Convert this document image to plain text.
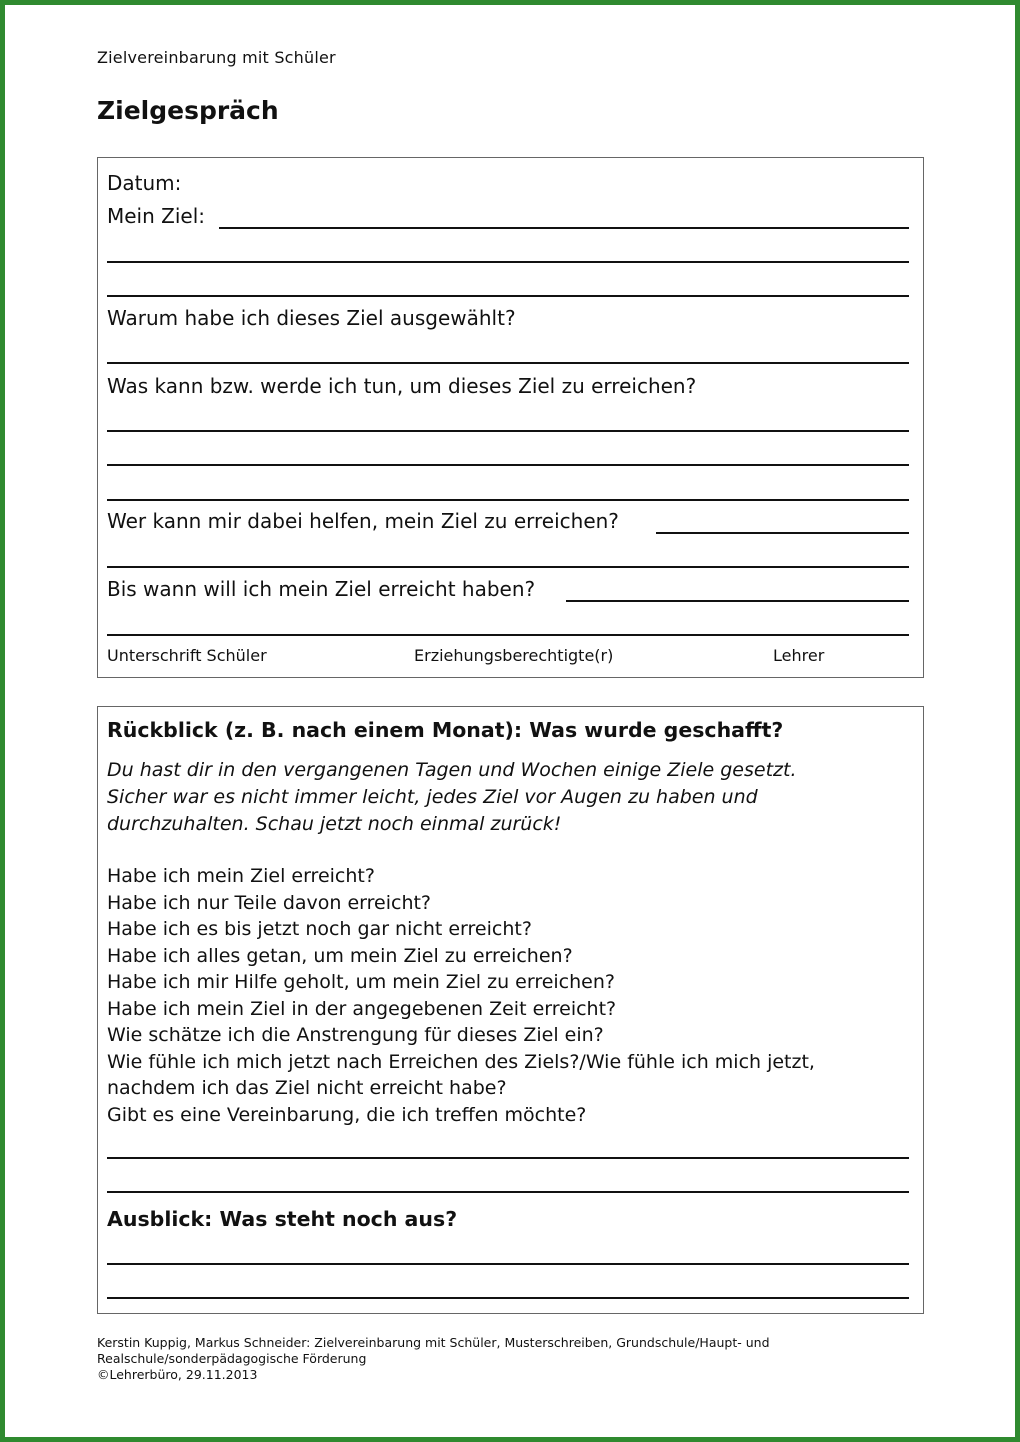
Zielvereinbarung mit Schüler
Zielgespräch
Datum:
Mein Ziel:
Warum habe ich dieses Ziel ausgewählt?
Was kann bzw. werde ich tun, um dieses Ziel zu erreichen?
Wer kann mir dabei helfen, mein Ziel zu erreichen?
Bis wann will ich mein Ziel erreicht haben?
Unterschrift Schüler	Erziehungsberechtigte(r)	Lehrer
Rückblick (z. B. nach einem Monat): Was wurde geschafft?
Du hast dir in den vergangenen Tagen und Wochen einige Ziele gesetzt.
Sicher war es nicht immer leicht, jedes Ziel vor Augen zu haben und
durchzuhalten. Schau jetzt noch einmal zurück!
Habe ich mein Ziel erreicht?
Habe ich nur Teile davon erreicht?
Habe ich es bis jetzt noch gar nicht erreicht?
Habe ich alles getan, um mein Ziel zu erreichen?
Habe ich mir Hilfe geholt, um mein Ziel zu erreichen?
Habe ich mein Ziel in der angegebenen Zeit erreicht?
Wie schätze ich die Anstrengung für dieses Ziel ein?
Wie fühle ich mich jetzt nach Erreichen des Ziels?/Wie fühle ich mich jetzt,
nachdem ich das Ziel nicht erreicht habe?
Gibt es eine Vereinbarung, die ich treffen möchte?
Ausblick: Was steht noch aus?
Kerstin Kuppig, Markus Schneider: Zielvereinbarung mit Schüler, Musterschreiben, Grundschule/Haupt- und
Realschule/sonderpädagogische Förderung
©Lehrerbüro, 29.11.2013
